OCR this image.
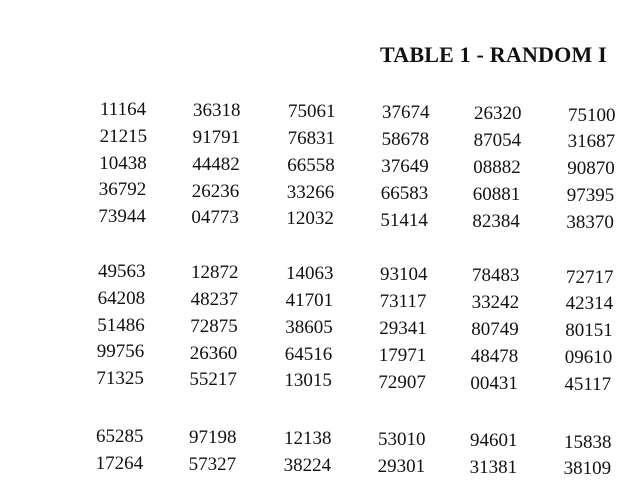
TABLE 1 - RANDOM I
11164 36318	75061 37674 26320 75100
21215 91791	76831 58678 87054 31687
10438 44482	66558 37649 08882 90870
36792 26236	33266 66583 60881 97395
73944 04773	12032 51414 82384 38370
49563 12872	14063 93104 78483 72717
64208 48237	41701 73117 33242 42314
51486 72875	38605 29341 80749 80151
99756 26360	64516 17971 48478 09610
71325 55217	13015 72907 00431 45117
65285 97198	12138 53010 94601 15838
17264 57327	38224 29301 31381 38109
